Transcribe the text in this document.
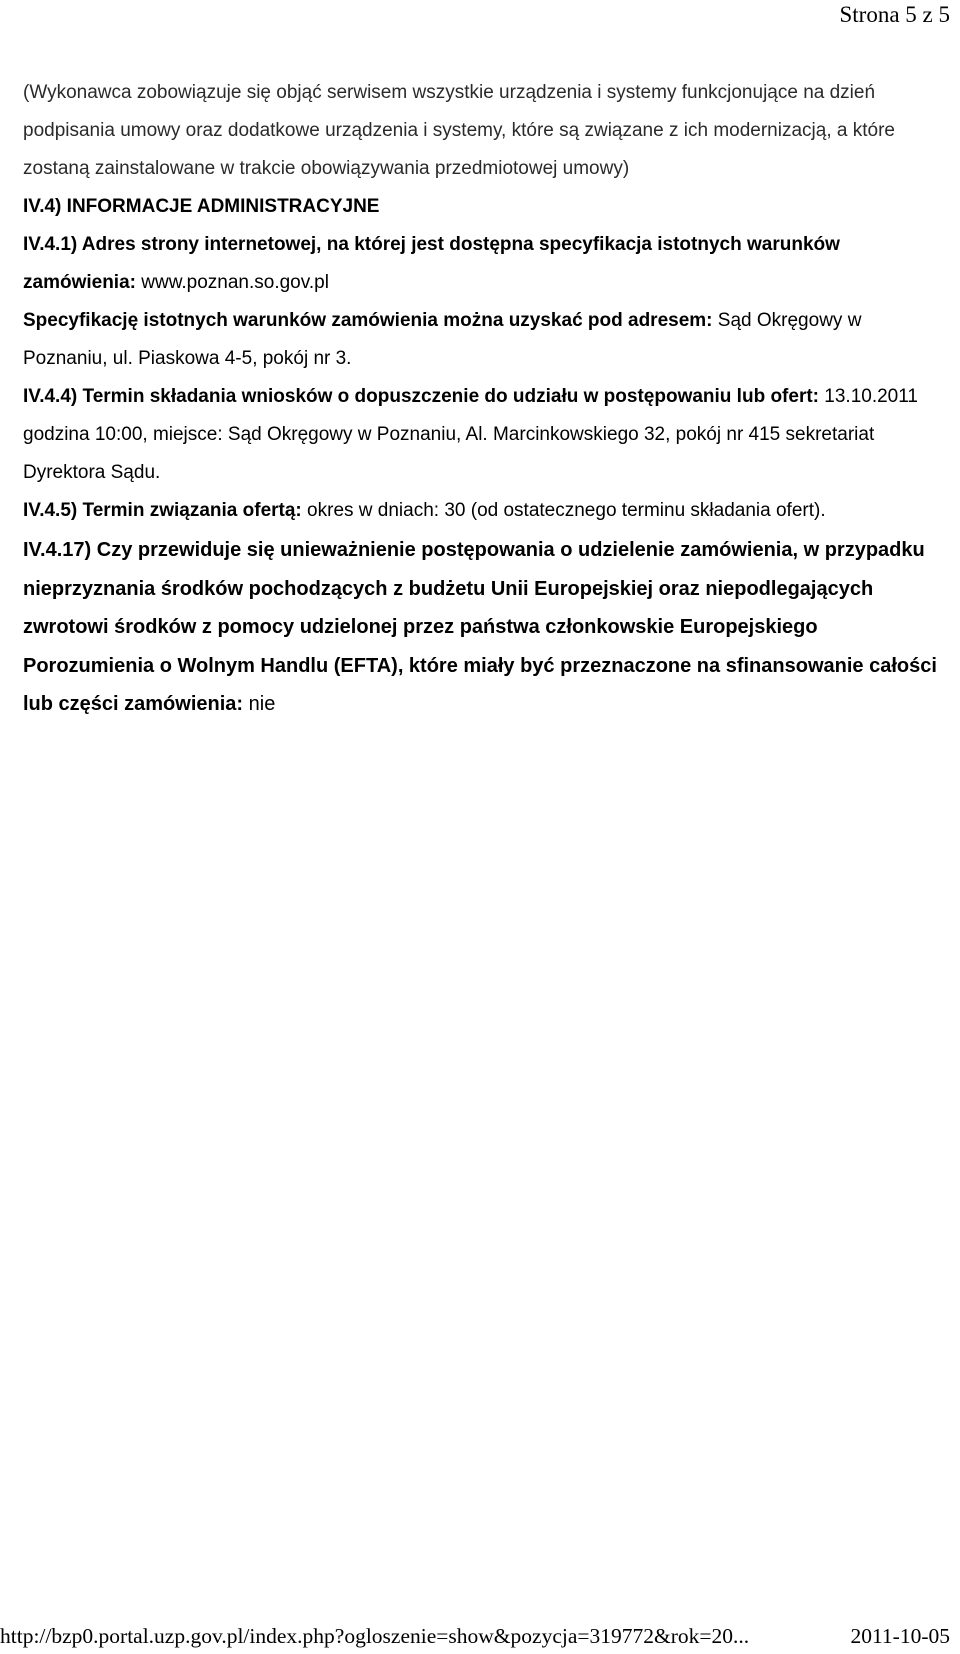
Strona 5 z 5

(Wykonawca zobowiązuje się objąć serwisem wszystkie urządzenia i systemy funkcjonujące na dzień podpisania umowy oraz dodatkowe urządzenia i systemy, które są związane z ich modernizacją, a które zostaną zainstalowane w trakcie obowiązywania przedmiotowej umowy)

IV.4) INFORMACJE ADMINISTRACYJNE

IV.4.1) Adres strony internetowej, na której jest dostępna specyfikacja istotnych warunków zamówienia: www.poznan.so.gov.pl

Specyfikację istotnych warunków zamówienia można uzyskać pod adresem: Sąd Okręgowy w Poznaniu, ul. Piaskowa 4-5, pokój nr 3.

IV.4.4) Termin składania wniosków o dopuszczenie do udziału w postępowaniu lub ofert: 13.10.2011 godzina 10:00, miejsce: Sąd Okręgowy w Poznaniu, Al. Marcinkowskiego 32, pokój nr 415 sekretariat Dyrektora Sądu.

IV.4.5) Termin związania ofertą: okres w dniach: 30 (od ostatecznego terminu składania ofert).

IV.4.17) Czy przewiduje się unieważnienie postępowania o udzielenie zamówienia, w przypadku nieprzyznania środków pochodzących z budżetu Unii Europejskiej oraz niepodlegających zwrotowi środków z pomocy udzielonej przez państwa członkowskie Europejskiego Porozumienia o Wolnym Handlu (EFTA), które miały być przeznaczone na sfinansowanie całości lub części zamówienia: nie

http://bzp0.portal.uzp.gov.pl/index.php?ogloszenie=show&pozycja=319772&rok=20...	2011-10-05
